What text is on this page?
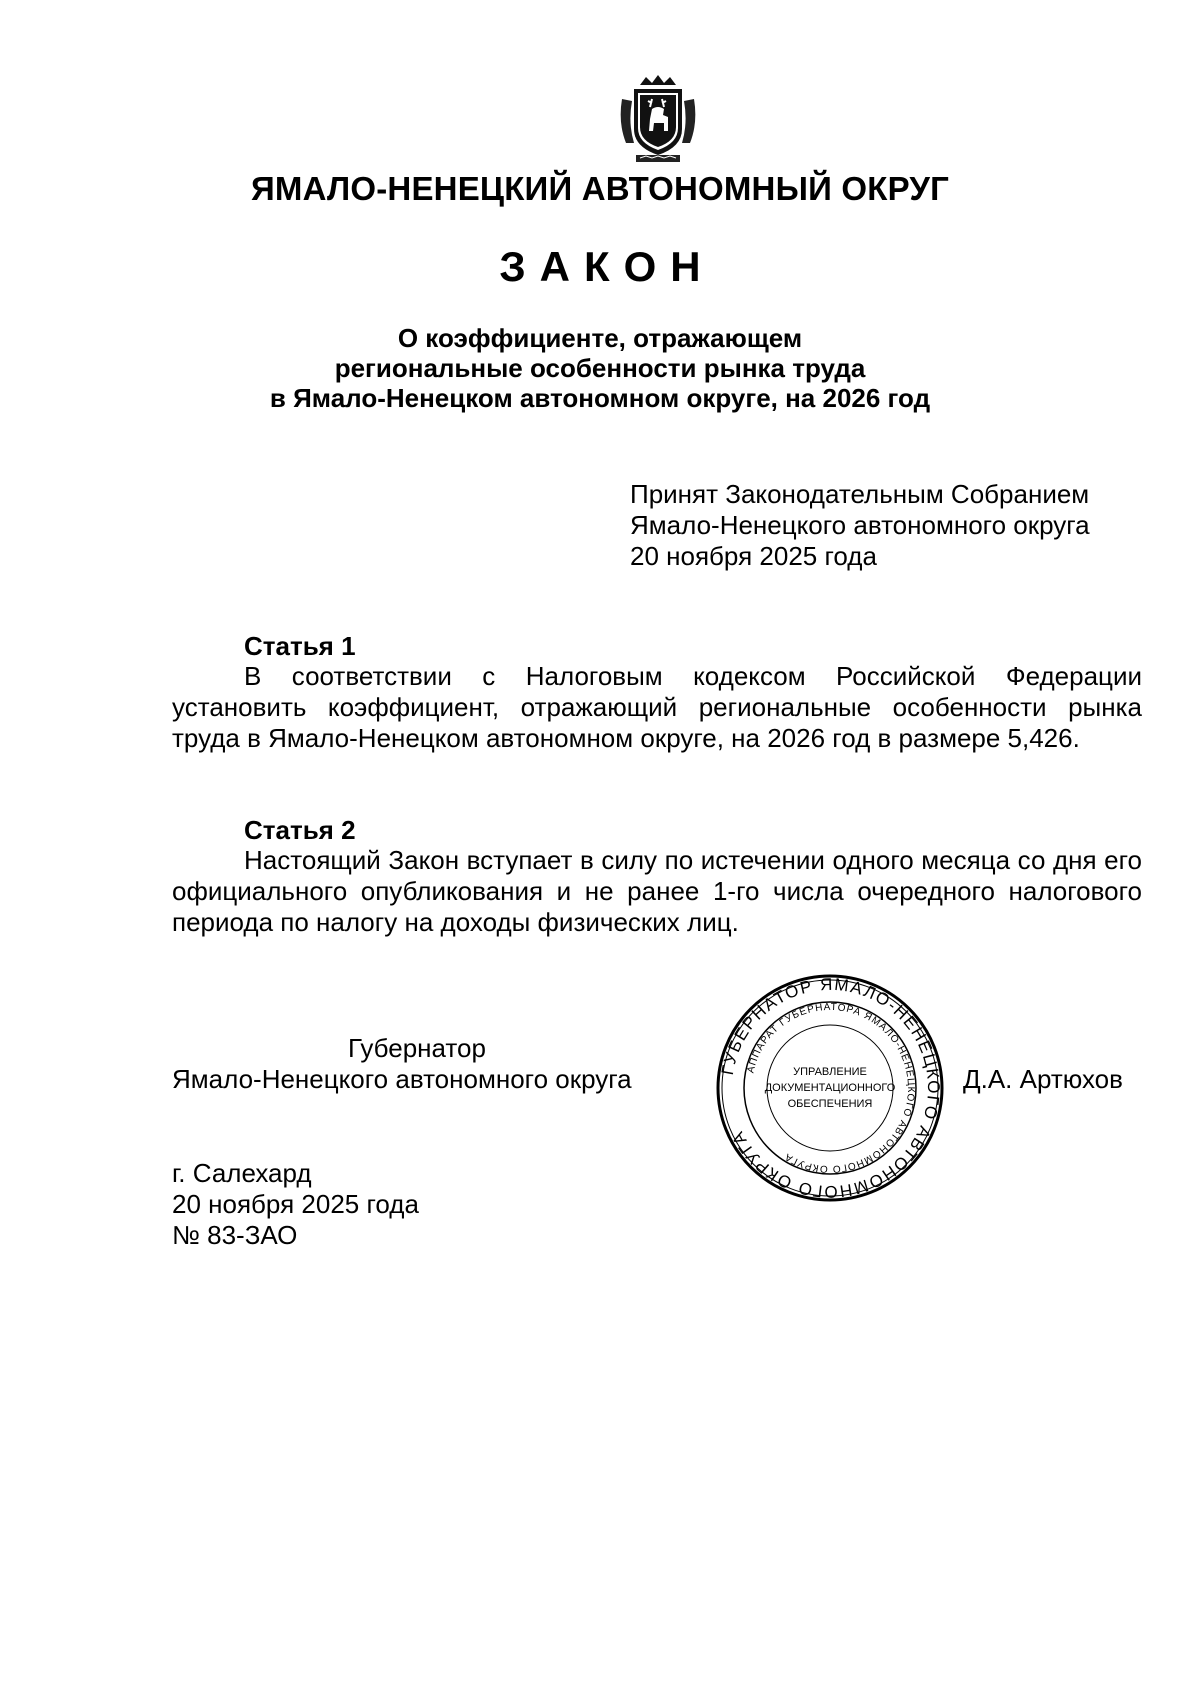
ЯМАЛО-НЕНЕЦКИЙ АВТОНОМНЫЙ ОКРУГ
ЗАКОН
О коэффициенте, отражающем
региональные особенности рынка труда
в Ямало-Ненецком автономном округе, на 2026 год
Принят Законодательным Собранием
Ямало-Ненецкого автономного округа
20 ноября 2025 года
Статья 1
В соответствии с Налоговым кодексом Российской Федерации установить коэффициент, отражающий региональные особенности рынка труда в Ямало-Ненецком автономном округе, на 2026 год в размере 5,426.
Статья 2
Настоящий Закон вступает в силу по истечении одного месяца со дня его официального опубликования и не ранее 1-го числа очередного налогового периода по налогу на доходы физических лиц.
Губернатор
Ямало-Ненецкого автономного округа	Д.А. Артюхов
ГУБЕРНАТОР ЯМАЛО-НЕНЕЦКОГО АВТОНОМНОГО ОКРУГА
АППАРАТ ГУБЕРНАТОРА ЯМАЛО-НЕНЕЦКОГО АВТОНОМНОГО ОКРУГА
УПРАВЛЕНИЕ
ДОКУМЕНТАЦИОННОГО
ОБЕСПЕЧЕНИЯ
г. Салехард
20 ноября 2025 года
№ 83-ЗАО
